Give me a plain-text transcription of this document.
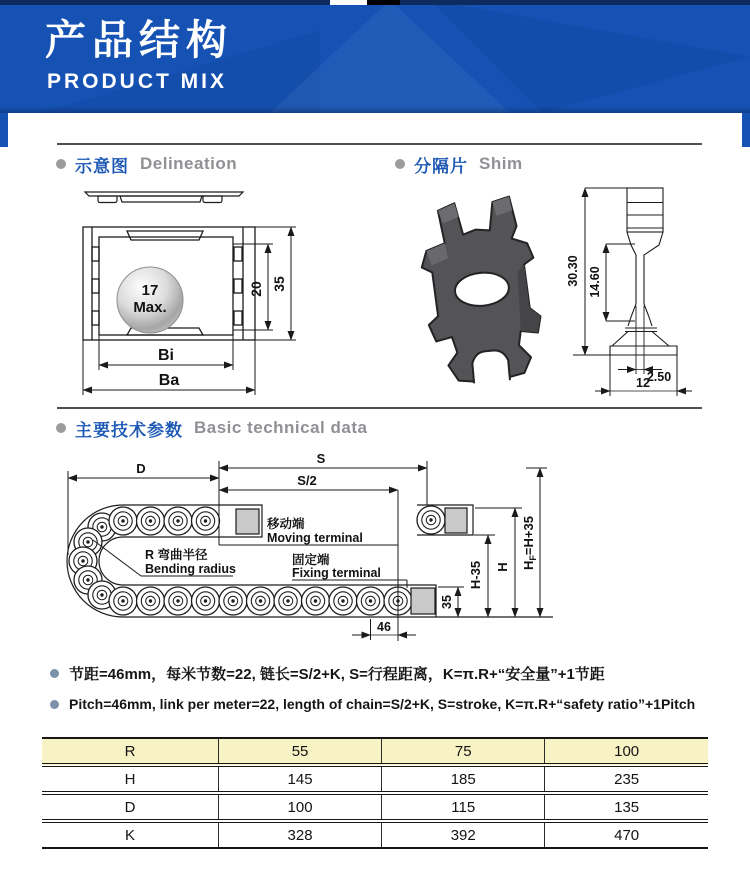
产品结构
PRODUCT MIX
示意图 Delineation	分隔片 Shim
17
Max.
20 35
Bi
Ba
30.30 14.60
2.50
12
主要技术参数 Basic technical data
S
S/2
D
46
35
H-35 H $H_F=H+35$
移动端
Moving terminal
固定端
Fixing terminal
R 弯曲半径
Bending radius
节距=46mm，每米节数=22, 链长=S/2+K, S=行程距离，K=π.R+“安全量”+1节距
Pitch=46mm, link per meter=22, length of chain=S/2+K, S=stroke, K=π.R+“safety ratio”+1Pitch
R	55	75	100
H	145	185	235
D	100	115	135
K	328	392	470
